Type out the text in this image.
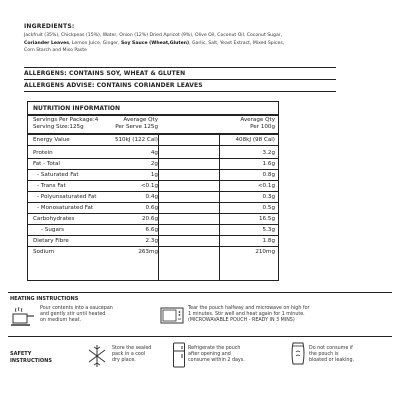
INGREDIENTS:
Jackfruit (35%), Chickpeas (15%), Water, Onion (12%) Dried Apricot (9%), Olive Oil, Coconut Oil, Coconut Sugar,
Coriander Leaves, Lemon Juice, Ginger, Soy Sauce (Wheat,Gluten), Garlic, Salt, Yeast Extract, Mixed Spices,
Corn Starch and Miso Paste
ALLERGENS: CONTAINS SOY, WHEAT & GLUTEN
ALLERGENS ADVISE: CONTAINS CORIANDER LEAVES
NUTRITION INFORMATION
Servings Per Package:4
Serving Size:125g
Average Qty
Per Serve 125g
Average Qty
Per 100g
Energy Value	510kJ (122 Cal)	408kJ (98 Cal)
Protein	4g	3.2g
Fat - Total	2g	1.6g
- Saturated Fat	1g	0.8g
- Trans Fat	<0.1g	<0.1g
- Polyunsaturated Fat	0.4g	0.3g
- Monosaturated Fat	0.6g	0.5g
Carbohydrates	20.6g	16.5g
- Sugars	6.6g	5.3g
Dietary Fibre	2.3g	1.8g
Sodium	263mg	210mg
HEATING INSTRUCTIONS
Pour contents into a saucepan
and gently stir until heated
on medium heat.
Tear the pouch halfway and microwave on high for
1 minutes. Stir well and heat again for 1 minute.
(MICROWAVABLE POUCH - READY IN 3 MINS)
SAFETY
INSTRUCTIONS
Store the sealed
pack in a cool
dry place.
Refrigerate the pouch
after opening and
consume within 2 days.
Do not consume if
the pouch is
bloated or leaking.
